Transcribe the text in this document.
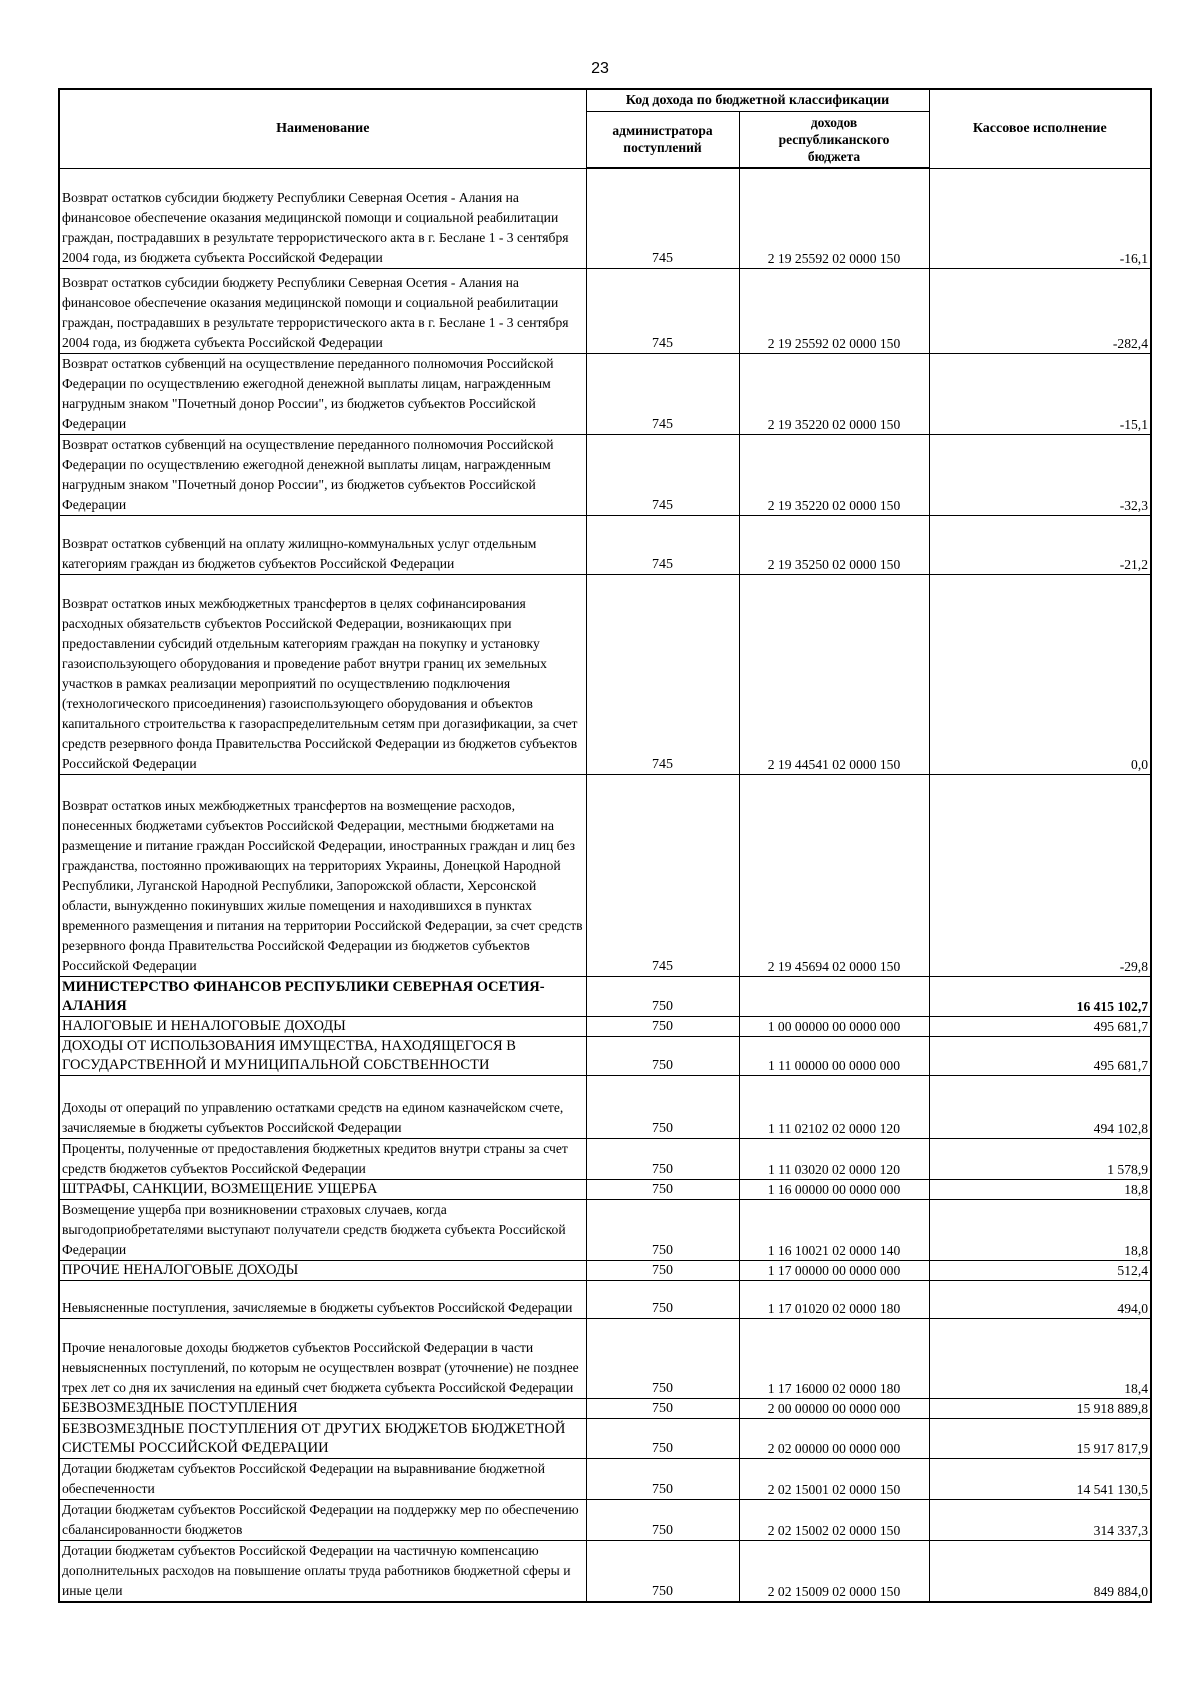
23
Наименование	Код дохода по бюджетной классификации		Кассовое исполнение
	администратора поступлений	доходов республиканского бюджета	
Возврат остатков субсидии бюджету Республики Северная Осетия - Алания на финансовое обеспечение оказания медицинской помощи и социальной реабилитации граждан, пострадавших в результате террористического акта в г. Беслане 1 - 3 сентября 2004 года, из бюджета субъекта Российской Федерации	745	2 19 25592 02 0000 150	-16,1
Возврат остатков субсидии бюджету Республики Северная Осетия - Алания на финансовое обеспечение оказания медицинской помощи и социальной реабилитации граждан, пострадавших в результате террористического акта в г. Беслане 1 - 3 сентября 2004 года, из бюджета субъекта Российской Федерации	745	2 19 25592 02 0000 150	-282,4
Возврат остатков субвенций на осуществление переданного полномочия Российской Федерации по осуществлению ежегодной денежной выплаты лицам, награжденным нагрудным знаком "Почетный донор России", из бюджетов субъектов Российской Федерации	745	2 19 35220 02 0000 150	-15,1
Возврат остатков субвенций на осуществление переданного полномочия Российской Федерации по осуществлению ежегодной денежной выплаты лицам, награжденным нагрудным знаком "Почетный донор России", из бюджетов субъектов Российской Федерации	745	2 19 35220 02 0000 150	-32,3
Возврат остатков субвенций на оплату жилищно-коммунальных услуг отдельным категориям граждан из бюджетов субъектов Российской Федерации	745	2 19 35250 02 0000 150	-21,2
Возврат остатков иных межбюджетных трансфертов в целях софинансирования расходных обязательств субъектов Российской Федерации, возникающих при предоставлении субсидий отдельным категориям граждан на покупку и установку газоиспользующего оборудования и проведение работ внутри границ их земельных участков в рамках реализации мероприятий по осуществлению подключения (технологического присоединения) газоиспользующего оборудования и объектов капитального строительства к газораспределительным сетям при догазификации, за счет средств резервного фонда Правительства Российской Федерации из бюджетов субъектов Российской Федерации	745	2 19 44541 02 0000 150	0,0
Возврат остатков иных межбюджетных трансфертов на возмещение расходов, понесенных бюджетами субъектов Российской Федерации, местными бюджетами на размещение и питание граждан Российской Федерации, иностранных граждан и лиц без гражданства, постоянно проживающих на территориях Украины, Донецкой Народной Республики, Луганской Народной Республики, Запорожской области, Херсонской области, вынужденно покинувших жилые помещения и находившихся в пунктах временного размещения и питания на территории Российской Федерации, за счет средств резервного фонда Правительства Российской Федерации из бюджетов субъектов Российской Федерации	745	2 19 45694 02 0000 150	-29,8
МИНИСТЕРСТВО ФИНАНСОВ РЕСПУБЛИКИ СЕВЕРНАЯ ОСЕТИЯ-АЛАНИЯ	750		16 415 102,7
НАЛОГОВЫЕ И НЕНАЛОГОВЫЕ ДОХОДЫ	750	1 00 00000 00 0000 000	495 681,7
ДОХОДЫ ОТ ИСПОЛЬЗОВАНИЯ ИМУЩЕСТВА, НАХОДЯЩЕГОСЯ В ГОСУДАРСТВЕННОЙ И МУНИЦИПАЛЬНОЙ СОБСТВЕННОСТИ	750	1 11 00000 00 0000 000	495 681,7
Доходы от операций по управлению остатками средств на едином казначейском счете, зачисляемые в бюджеты субъектов Российской Федерации	750	1 11 02102 02 0000 120	494 102,8
Проценты, полученные от предоставления бюджетных кредитов внутри страны за счет средств бюджетов субъектов Российской Федерации	750	1 11 03020 02 0000 120	1 578,9
ШТРАФЫ, САНКЦИИ, ВОЗМЕЩЕНИЕ УЩЕРБА	750	1 16 00000 00 0000 000	18,8
Возмещение ущерба при возникновении страховых случаев, когда выгодоприобретателями выступают получатели средств бюджета субъекта Российской Федерации	750	1 16 10021 02 0000 140	18,8
ПРОЧИЕ НЕНАЛОГОВЫЕ ДОХОДЫ	750	1 17 00000 00 0000 000	512,4
Невыясненные поступления, зачисляемые в бюджеты субъектов Российской Федерации	750	1 17 01020 02 0000 180	494,0
Прочие неналоговые доходы бюджетов субъектов Российской Федерации в части невыясненных поступлений, по которым не осуществлен возврат (уточнение) не позднее трех лет со дня их зачисления на единый счет бюджета субъекта Российской Федерации	750	1 17 16000 02 0000 180	18,4
БЕЗВОЗМЕЗДНЫЕ ПОСТУПЛЕНИЯ	750	2 00 00000 00 0000 000	15 918 889,8
БЕЗВОЗМЕЗДНЫЕ ПОСТУПЛЕНИЯ ОТ ДРУГИХ БЮДЖЕТОВ БЮДЖЕТНОЙ СИСТЕМЫ РОССИЙСКОЙ ФЕДЕРАЦИИ	750	2 02 00000 00 0000 000	15 917 817,9
Дотации бюджетам субъектов Российской Федерации на выравнивание бюджетной обеспеченности	750	2 02 15001 02 0000 150	14 541 130,5
Дотации бюджетам субъектов Российской Федерации на поддержку мер по обеспечению сбалансированности бюджетов	750	2 02 15002 02 0000 150	314 337,3
Дотации бюджетам субъектов Российской Федерации на частичную компенсацию дополнительных расходов на повышение оплаты труда работников бюджетной сферы и иные цели	750	2 02 15009 02 0000 150	849 884,0
